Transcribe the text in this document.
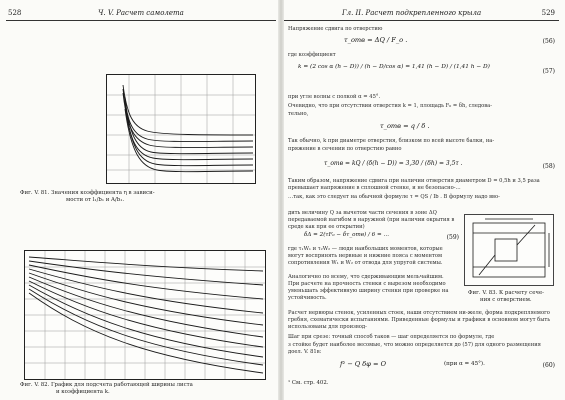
528	Ч. V. Расчет самолета
Фиг. V. 81. Значения коэффициента η в зависи-
мости от l₁/b₁ и A/b₁.
Фиг. V. 82. График для подсчета работающей ширины листа
и коэффициента k.
Гл. II. Расчет подкрепленного крыла	529
Напряжение сдвига по отверстию
τ_отв = ΔQ / F_o .	(56)
где коэффициент
k = (2 cos α (h − D)) / (h − D/cos α) = 1,41 (h − D) / (1,41 h − D)
(57)
при угле волны с полкой α = 45°.
Очевидно, что при отсутствии отверстия k = 1, площадь F₀ = δh, следова-
тельно,
τ_отв = q / δ .
Так обычно, k при диаметре отверстия, близком по всей высоте балки, на-
пряжение в сечении по отверстию равно
τ_отв = kQ / (δ(h − D)) = 3,30 / (δh) = 3,5τ .	(58)

Таким образом, напряжение сдвига при наличии отверстия диаметром D = 0,5h и 3,5 раза превышает напряжение в сплошной стенке, и не безопасно-…

…так, как это следует на обычной формуле τ = QS / Ib . В формулу надо вво-

дить величину Q за вычетом части сечения в зоне ΔQ передаваемой нагибом в наружной (при наличии окрытия в среде как при ее открытии)
δΔ = 2(τF₀ − δτ_отв) / 6 = …	(59)
где τ₁W₁ и τ₂W₂ — люди наибольших моментов, которые могут воспринять нервные и нижние пояса с моментом сопротивления W₁ и W₂ от отвода для упругой системы.
Аналогично по всему, что сдерживающим мельчайшим. При расчете на прочность стенки с вырезом необходимо уменьшать эффективную ширину стенки при проверке на устойчивость.
Фиг. V. 83. К расчету сече-
ния с отверстием.
Расчет нервюры стенок, усиленных стоек, наши отсутствием ни-желе, форма подкрепляемого гребня, схематически испытаниями. Приведенные формулы и графики в основном могут быть использованы для производ-
Шаг при срезе: точный способ таков — шаг определяется по формуле, где
з стойке будет наиболее весомые, что можно определяется до (57) для одного размещения доел. V. 81в:
f² − Q δφ = O	(при α = 45°).	(60)
¹ См. стр. 402.
